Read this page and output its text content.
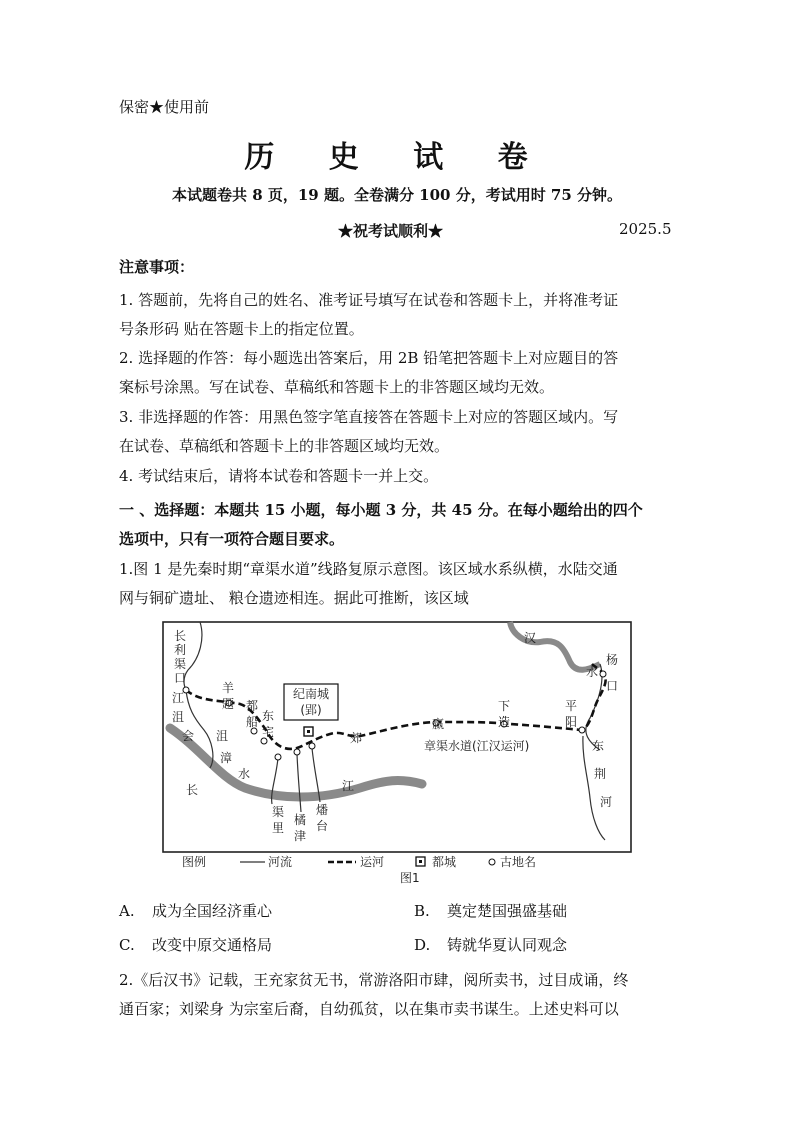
保密★使用前
历 史 试 卷
本试题卷共 8 页，19 题。全卷满分 100 分，考试用时 75 分钟。
★祝考试顺利★	2025.5
注意事项：
1. 答题前，先将自己的姓名、准考证号填写在试卷和答题卡上，并将准考证
号条形码 贴在答题卡上的指定位置。
2. 选择题的作答：每小题选出答案后，用 2B 铅笔把答题卡上对应题目的答
案标号涂黑。写在试卷、草稿纸和答题卡上的非答题区域均无效。
3. 非选择题的作答：用黑色签字笔直接答在答题卡上对应的答题区域内。写
在试卷、草稿纸和答题卡上的非答题区域均无效。
4. 考试结束后，请将本试卷和答题卡一并上交。
一 、选择题：本题共 15 小题，每小题 3 分，共 45 分。在每小题给出的四个
选项中，只有一项符合题目要求。
1.图 1 是先秦时期“章渠水道”线路复原示意图。该区域水系纵横，水陆交通
网与铜矿遗址、 粮仓遗迹相连。据此可推断，该区域
纪南城
(郢)
长
利
渠
口
江
沮
会
羊
题 都
船 东
宅	郊
嬴
下
造
平
阳
章渠水道(江汉运河)
汉
水
杨
口
东
荆
河
沮
漳
水
长	江
渠
里
橘
津
燔
台
图例	河流	运河	都城	古地名
图1
A. 成为全国经济重心	B. 奠定楚国强盛基础
C. 改变中原交通格局	D. 铸就华夏认同观念
2.《后汉书》记载，王充家贫无书，常游洛阳市肆，阅所卖书，过目成诵，终
通百家；刘梁身 为宗室后裔，自幼孤贫，以在集市卖书谋生。上述史料可以
